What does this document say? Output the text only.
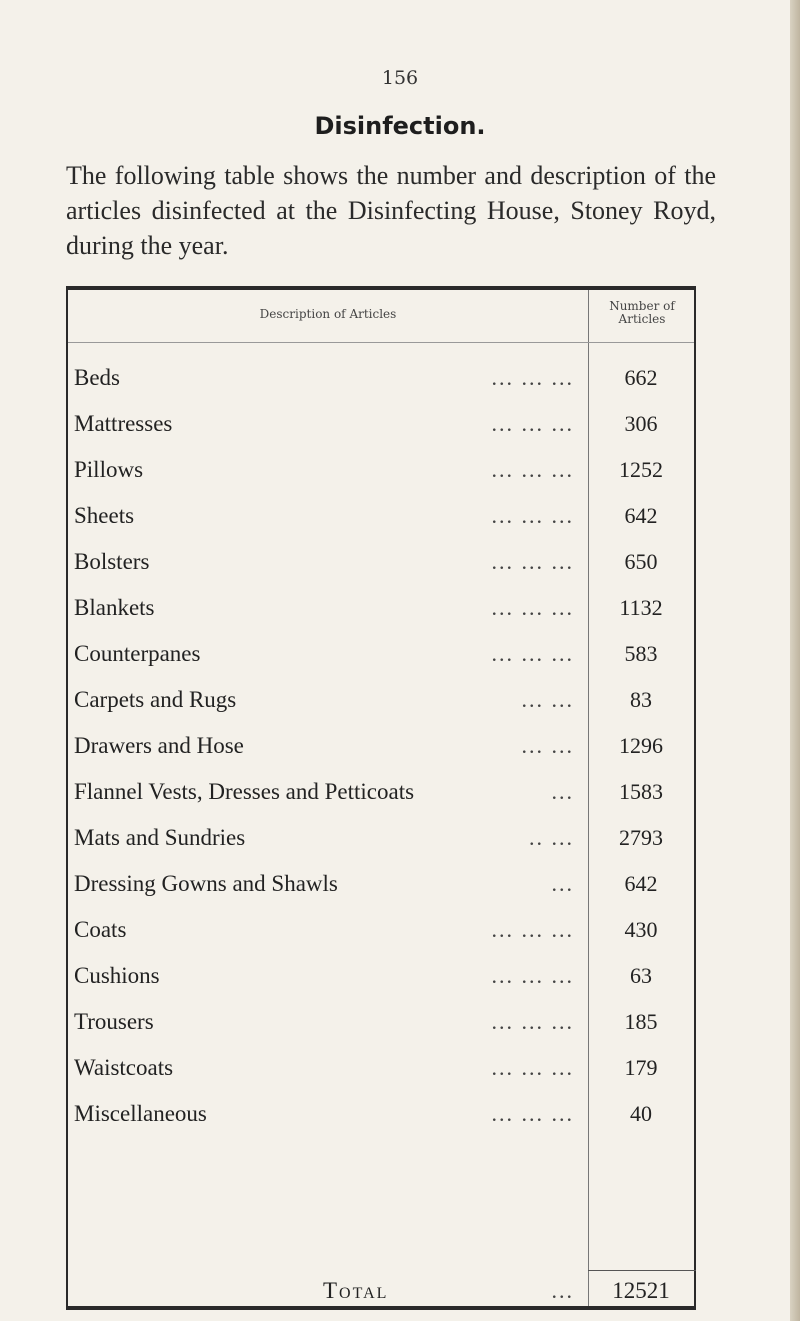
156
Disinfection.
The following table shows the number and description of the articles disinfected at the Disinfecting House, Stoney Royd, during the year.
Description of Articles
Number of Articles
Beds	... ... ...	662
Mattresses	... ... ...	306
Pillows	... ... ...	1252
Sheets	... ... ...	642
Bolsters	... ... ...	650
Blankets	... ... ...	1132
Counterpanes	... ... ...	583
Carpets and Rugs	... ...	83
Drawers and Hose	... ...	1296
Flannel Vests, Dresses and Petticoats	...	1583
Mats and Sundries	.. ...	2793
Dressing Gowns and Shawls	...	642
Coats	... ... ...	430
Cushions	... ... ...	63
Trousers	... ... ...	185
Waistcoats	... ... ...	179
Miscellaneous	... ... ...	40
Total	...	12521
